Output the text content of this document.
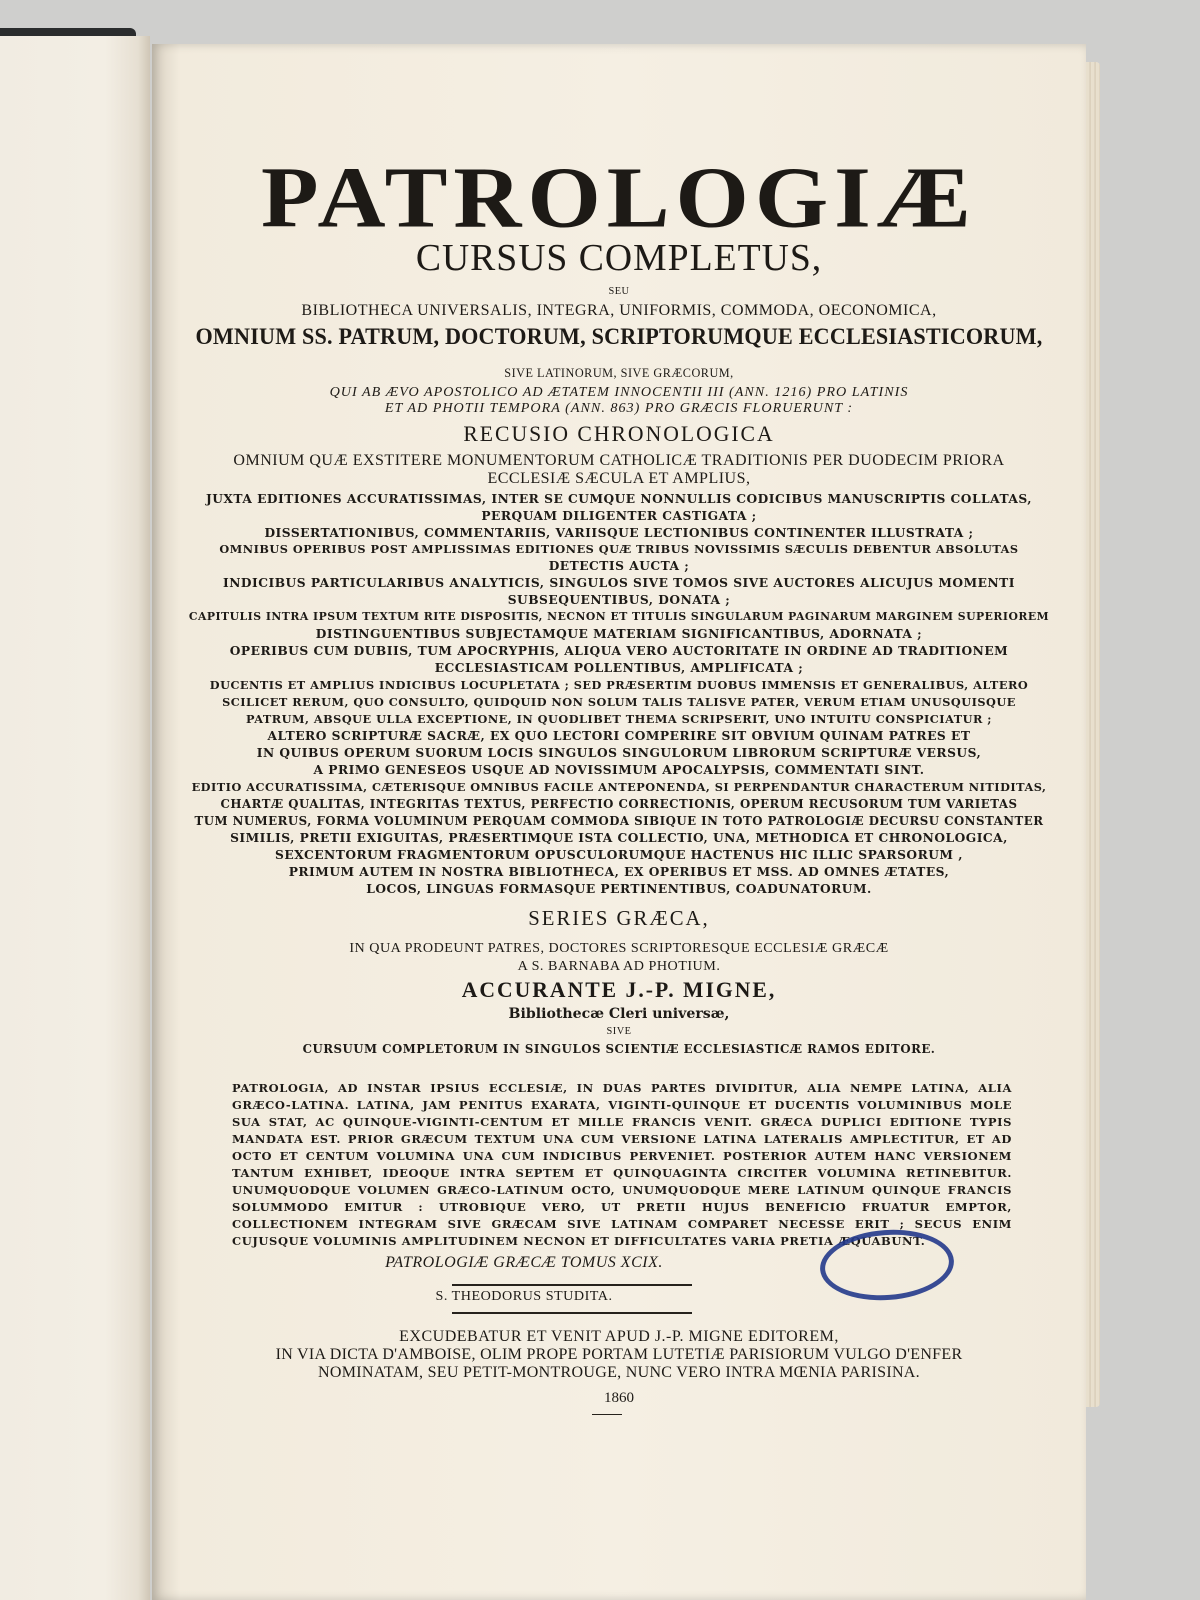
PATROLOGIÆ

CURSUS COMPLETUS,

SEU

BIBLIOTHECA UNIVERSALIS, INTEGRA, UNIFORMIS, COMMODA, OECONOMICA,

OMNIUM SS. PATRUM, DOCTORUM, SCRIPTORUMQUE ECCLESIASTICORUM,

SIVE LATINORUM, SIVE GRÆCORUM,

QUI AB ÆVO APOSTOLICO AD ÆTATEM INNOCENTII III (ANN. 1216) PRO LATINIS

ET AD PHOTII TEMPORA (ANN. 863) PRO GRÆCIS FLORUERUNT :

RECUSIO CHRONOLOGICA

OMNIUM QUÆ EXSTITERE MONUMENTORUM CATHOLICÆ TRADITIONIS PER DUODECIM PRIORA

ECCLESIÆ SÆCULA ET AMPLIUS,

JUXTA EDITIONES ACCURATISSIMAS, INTER SE CUMQUE NONNULLIS CODICIBUS MANUSCRIPTIS COLLATAS,

PERQUAM DILIGENTER CASTIGATA ;

DISSERTATIONIBUS, COMMENTARIIS, VARIISQUE LECTIONIBUS CONTINENTER ILLUSTRATA ;

OMNIBUS OPERIBUS POST AMPLISSIMAS EDITIONES QUÆ TRIBUS NOVISSIMIS SÆCULIS DEBENTUR ABSOLUTAS

DETECTIS AUCTA ;

INDICIBUS PARTICULARIBUS ANALYTICIS, SINGULOS SIVE TOMOS SIVE AUCTORES ALICUJUS MOMENTI

SUBSEQUENTIBUS, DONATA ;

CAPITULIS INTRA IPSUM TEXTUM RITE DISPOSITIS, NECNON ET TITULIS SINGULARUM PAGINARUM MARGINEM SUPERIOREM

DISTINGUENTIBUS SUBJECTAMQUE MATERIAM SIGNIFICANTIBUS, ADORNATA ;

OPERIBUS CUM DUBIIS, TUM APOCRYPHIS, ALIQUA VERO AUCTORITATE IN ORDINE AD TRADITIONEM

ECCLESIASTICAM POLLENTIBUS, AMPLIFICATA ;

DUCENTIS ET AMPLIUS INDICIBUS LOCUPLETATA ; SED PRÆSERTIM DUOBUS IMMENSIS ET GENERALIBUS, ALTERO

SCILICET RERUM, QUO CONSULTO, QUIDQUID NON SOLUM TALIS TALISVE PATER, VERUM ETIAM UNUSQUISQUE

PATRUM, ABSQUE ULLA EXCEPTIONE, IN QUODLIBET THEMA SCRIPSERIT, UNO INTUITU CONSPICIATUR ;

ALTERO SCRIPTURÆ SACRÆ, EX QUO LECTORI COMPERIRE SIT OBVIUM QUINAM PATRES ET

IN QUIBUS OPERUM SUORUM LOCIS SINGULOS SINGULORUM LIBRORUM SCRIPTURÆ VERSUS,

A PRIMO GENESEOS USQUE AD NOVISSIMUM APOCALYPSIS, COMMENTATI SINT.

EDITIO ACCURATISSIMA, CÆTERISQUE OMNIBUS FACILE ANTEPONENDA, SI PERPENDANTUR CHARACTERUM NITIDITAS,

CHARTÆ QUALITAS, INTEGRITAS TEXTUS, PERFECTIO CORRECTIONIS, OPERUM RECUSORUM TUM VARIETAS

TUM NUMERUS, FORMA VOLUMINUM PERQUAM COMMODA SIBIQUE IN TOTO PATROLOGIÆ DECURSU CONSTANTER

SIMILIS, PRETII EXIGUITAS, PRÆSERTIMQUE ISTA COLLECTIO, UNA, METHODICA ET CHRONOLOGICA,

SEXCENTORUM FRAGMENTORUM OPUSCULORUMQUE HACTENUS HIC ILLIC SPARSORUM ,

PRIMUM AUTEM IN NOSTRA BIBLIOTHECA, EX OPERIBUS ET MSS. AD OMNES ÆTATES,

LOCOS, LINGUAS FORMASQUE PERTINENTIBUS, COADUNATORUM.

SERIES GRÆCA,

IN QUA PRODEUNT PATRES, DOCTORES SCRIPTORESQUE ECCLESIÆ GRÆCÆ

A S. BARNABA AD PHOTIUM.

ACCURANTE J.-P. MIGNE,

Bibliothecæ Cleri universæ,

SIVE

CURSUUM COMPLETORUM IN SINGULOS SCIENTIÆ ECCLESIASTICÆ RAMOS EDITORE.

PATROLOGIA, AD INSTAR IPSIUS ECCLESIÆ, IN DUAS PARTES DIVIDITUR, ALIA NEMPE LATINA, ALIA GRÆCO-LATINA. LATINA, JAM PENITUS EXARATA, VIGINTI-QUINQUE ET DUCENTIS VOLUMINIBUS MOLE SUA STAT, AC QUINQUE-VIGINTI-CENTUM ET MILLE FRANCIS VENIT. GRÆCA DUPLICI EDITIONE TYPIS MANDATA EST. PRIOR GRÆCUM TEXTUM UNA CUM VERSIONE LATINA LATERALIS AMPLECTITUR, ET AD OCTO ET CENTUM VOLUMINA UNA CUM INDICIBUS PERVENIET. POSTERIOR AUTEM HANC VERSIONEM TANTUM EXHIBET, IDEOQUE INTRA SEPTEM ET QUINQUAGINTA CIRCITER VOLUMINA RETINEBITUR. UNUMQUODQUE VOLUMEN GRÆCO-LATINUM OCTO, UNUMQUODQUE MERE LATINUM QUINQUE FRANCIS SOLUMMODO EMITUR : UTROBIQUE VERO, UT PRETII HUJUS BENEFICIO FRUATUR EMPTOR, COLLECTIONEM INTEGRAM SIVE GRÆCAM SIVE LATINAM COMPARET NECESSE ERIT ; SECUS ENIM CUJUSQUE VOLUMINIS AMPLITUDINEM NECNON ET DIFFICULTATES VARIA PRETIA ÆQUABUNT.

PATROLOGIÆ GRÆCÆ TOMUS XCIX.

S. THEODORUS STUDITA.

EXCUDEBATUR ET VENIT APUD J.-P. MIGNE EDITOREM,

IN VIA DICTA D'AMBOISE, OLIM PROPE PORTAM LUTETIÆ PARISIORUM VULGO D'ENFER

NOMINATAM, SEU PETIT-MONTROUGE, NUNC VERO INTRA MŒNIA PARISINA.

1860
